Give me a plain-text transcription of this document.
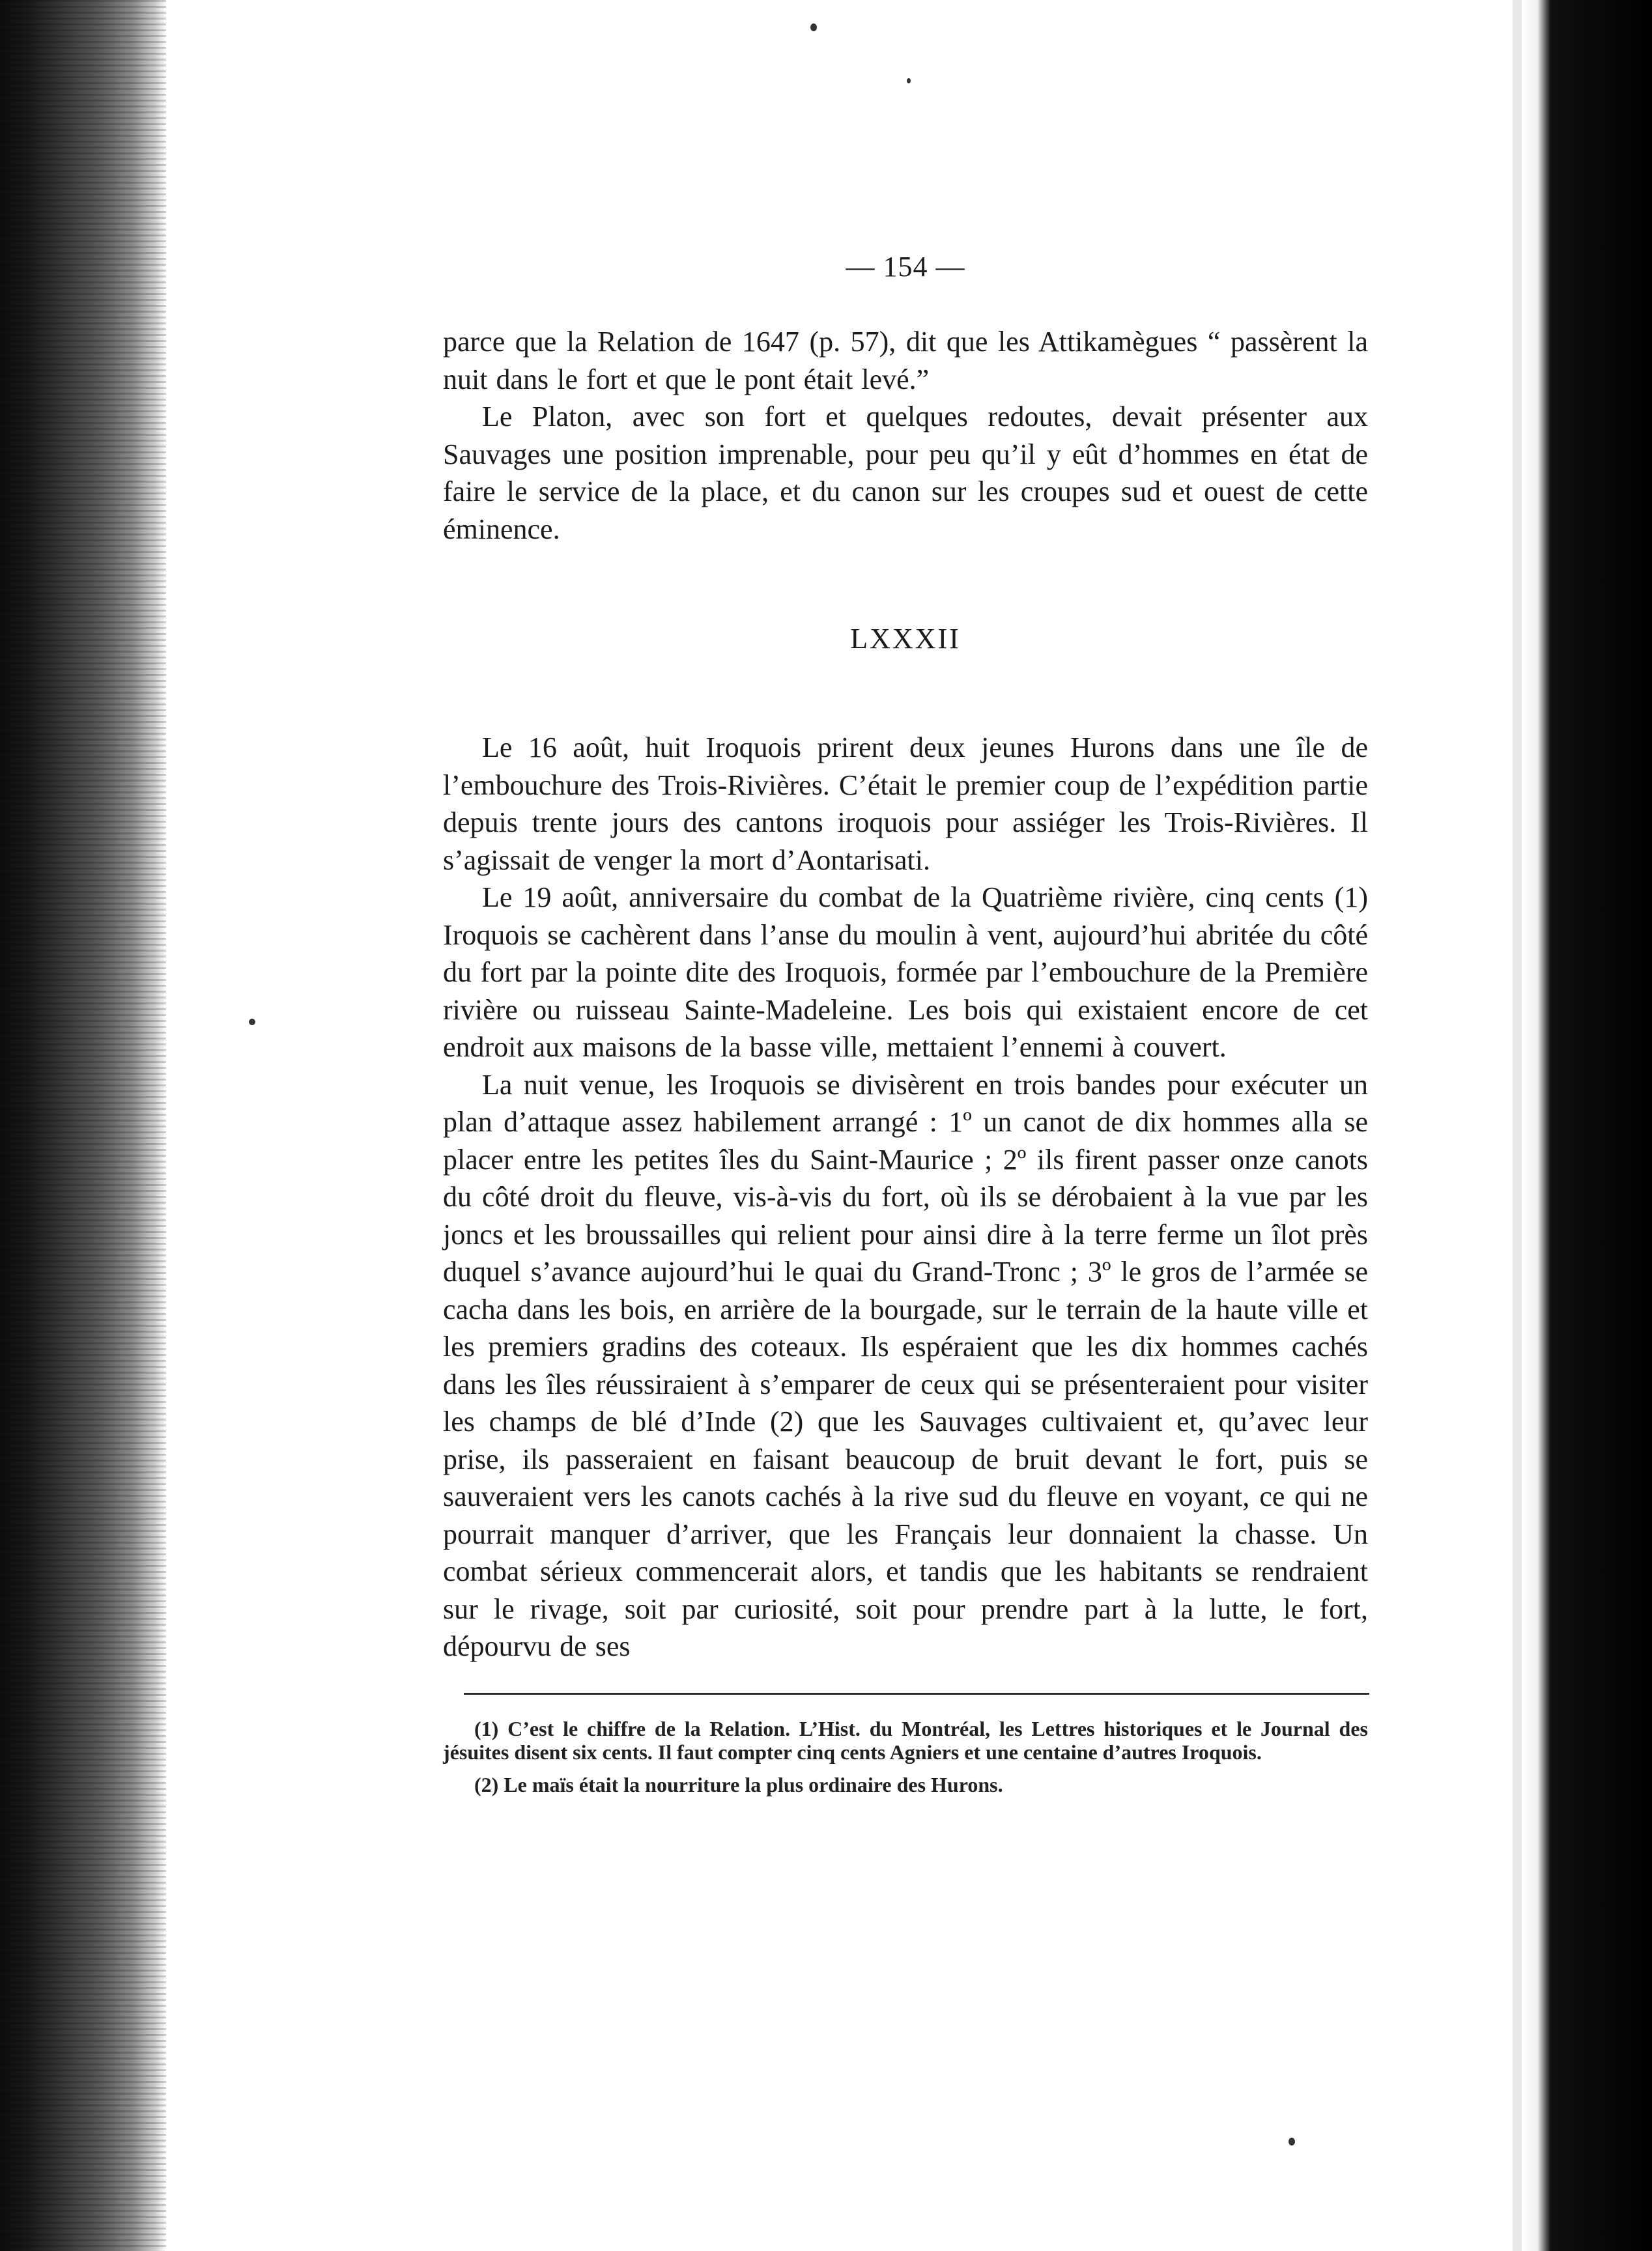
— 154 —

parce que la Relation de 1647 (p. 57), dit que les Attikamègues “ passèrent la nuit dans le fort et que le pont était levé.”

Le Platon, avec son fort et quelques redoutes, devait présenter aux Sauvages une position imprenable, pour peu qu’il y eût d’hommes en état de faire le service de la place, et du canon sur les croupes sud et ouest de cette éminence.

LXXXII

Le 16 août, huit Iroquois prirent deux jeunes Hurons dans une île de l’embouchure des Trois-Rivières. C’était le premier coup de l’expédition partie depuis trente jours des cantons iroquois pour assiéger les Trois-Rivières. Il s’agissait de venger la mort d’Aontarisati.

Le 19 août, anniversaire du combat de la Quatrième rivière, cinq cents (1) Iroquois se cachèrent dans l’anse du moulin à vent, aujourd’hui abritée du côté du fort par la pointe dite des Iroquois, formée par l’embouchure de la Première rivière ou ruisseau Sainte-Madeleine. Les bois qui existaient encore de cet endroit aux maisons de la basse ville, mettaient l’ennemi à couvert.

La nuit venue, les Iroquois se divisèrent en trois bandes pour exécuter un plan d’attaque assez habilement arrangé : 1º un canot de dix hommes alla se placer entre les petites îles du Saint-Maurice ; 2º ils firent passer onze canots du côté droit du fleuve, vis-à-vis du fort, où ils se dérobaient à la vue par les joncs et les broussailles qui relient pour ainsi dire à la terre ferme un îlot près duquel s’avance aujourd’hui le quai du Grand-Tronc ; 3º le gros de l’armée se cacha dans les bois, en arrière de la bourgade, sur le terrain de la haute ville et les premiers gradins des coteaux. Ils espéraient que les dix hommes cachés dans les îles réussiraient à s’emparer de ceux qui se présenteraient pour visiter les champs de blé d’Inde (2) que les Sauvages cultivaient et, qu’avec leur prise, ils passeraient en faisant beaucoup de bruit devant le fort, puis se sauveraient vers les canots cachés à la rive sud du fleuve en voyant, ce qui ne pourrait manquer d’arriver, que les Français leur donnaient la chasse. Un combat sérieux commencerait alors, et tandis que les habitants se rendraient sur le rivage, soit par curiosité, soit pour prendre part à la lutte, le fort, dépourvu de ses

(1) C’est le chiffre de la Relation. L’Hist. du Montréal, les Lettres historiques et le Journal des jésuites disent six cents. Il faut compter cinq cents Agniers et une centaine d’autres Iroquois.

(2) Le maïs était la nourriture la plus ordinaire des Hurons.
